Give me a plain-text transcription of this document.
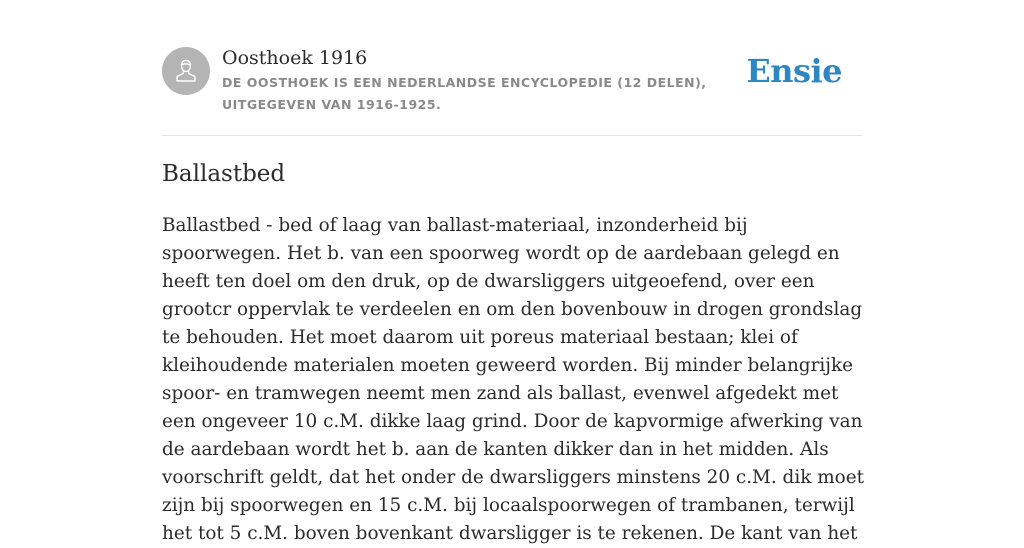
Oosthoek 1916
DE OOSTHOEK IS EEN NEDERLANDSE ENCYCLOPEDIE (12 DELEN), UITGEGEVEN VAN 1916-1925.
Ensie
Ballastbed

Ballastbed - bed of laag van ballast-materiaal, inzonderheid bij spoorwegen. Het b. van een spoorweg wordt op de aardebaan gelegd en heeft ten doel om den druk, op de dwarsliggers uitgeoefend, over een grootcr oppervlak te verdeelen en om den bovenbouw in drogen grondslag te behouden. Het moet daarom uit poreus materiaal bestaan; klei of kleihoudende materialen moeten geweerd worden. Bij minder belangrijke spoor- en tramwegen neemt men zand als ballast, evenwel afgedekt met een ongeveer 10 c.M. dikke laag grind. Door de kapvormige afwerking van de aardebaan wordt het b. aan de kanten dikker dan in het midden. Als voorschrift geldt, dat het onder de dwarsliggers minstens 20 c.M. dik moet zijn bij spoorwegen en 15 c.M. bij locaalspoorwegen of trambanen, terwijl het tot 5 c.M. boven bovenkant dwarsligger is te rekenen. De kant van het
